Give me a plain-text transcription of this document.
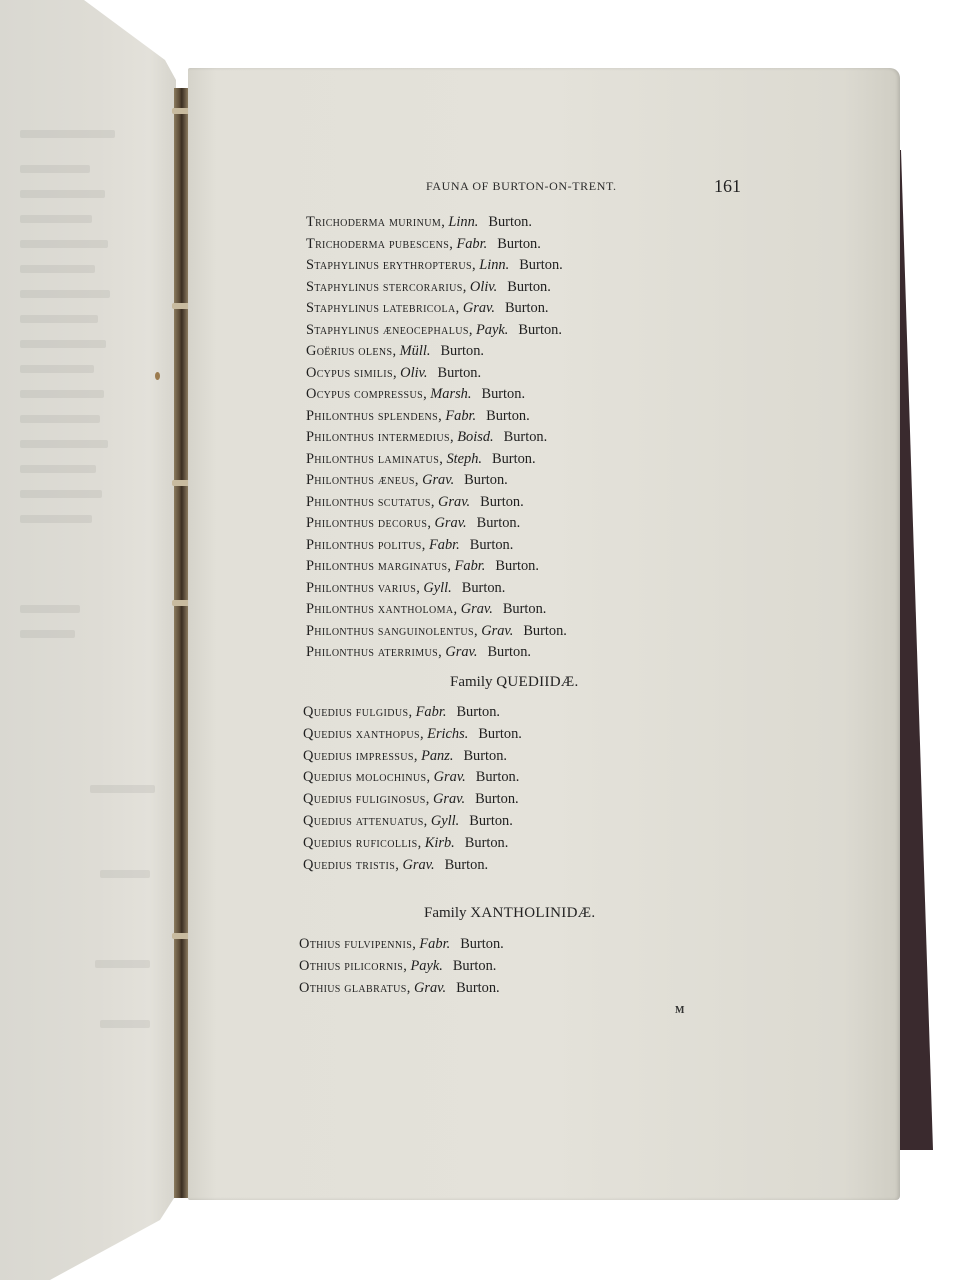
FAUNA OF BURTON-ON-TRENT.	161
Trichoderma murinum, Linn. Burton.
Trichoderma pubescens, Fabr. Burton.
Staphylinus erythropterus, Linn. Burton.
Staphylinus stercorarius, Oliv. Burton.
Staphylinus latebricola, Grav. Burton.
Staphylinus æneocephalus, Payk. Burton.
Goërius olens, Müll. Burton.
Ocypus similis, Oliv. Burton.
Ocypus compressus, Marsh. Burton.
Philonthus splendens, Fabr. Burton.
Philonthus intermedius, Boisd. Burton.
Philonthus laminatus, Steph. Burton.
Philonthus æneus, Grav. Burton.
Philonthus scutatus, Grav. Burton.
Philonthus decorus, Grav. Burton.
Philonthus politus, Fabr. Burton.
Philonthus marginatus, Fabr. Burton.
Philonthus varius, Gyll. Burton.
Philonthus xantholoma, Grav. Burton.
Philonthus sanguinolentus, Grav. Burton.
Philonthus aterrimus, Grav. Burton.
Family QUEDIIDÆ.
Quedius fulgidus, Fabr. Burton.
Quedius xanthopus, Erichs. Burton.
Quedius impressus, Panz. Burton.
Quedius molochinus, Grav. Burton.
Quedius fuliginosus, Grav. Burton.
Quedius attenuatus, Gyll. Burton.
Quedius ruficollis, Kirb. Burton.
Quedius tristis, Grav. Burton.
Family XANTHOLINIDÆ.
Othius fulvipennis, Fabr. Burton.
Othius pilicornis, Payk. Burton.
Othius glabratus, Grav. Burton.
M
